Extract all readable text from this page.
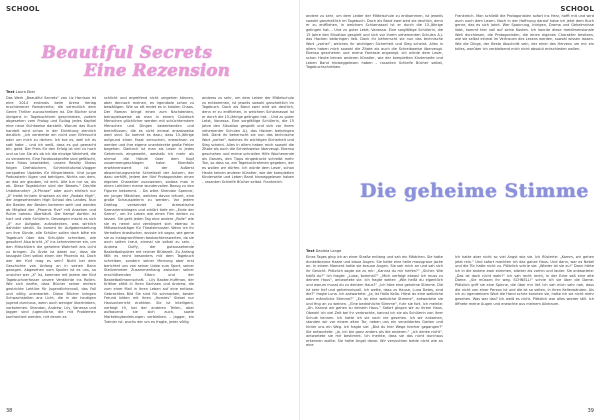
SCHOOL
Beautiful Secrets
Eine Rezension
Text Laura Eber

Das Werk „Beautiful Secrets“ von Liz Harrison ist eine 2014 erstmals beim Arena Verlag erschienener Romanreihe, die vermutlich dem Genre Thriller zuzuschreiben ist. Die Bücher sind übrigens in Tagebuchform geschrieben, zudem abgesehen vom Prolog und Epilog jedes Kapitel eine neue Sichtweise darstellt. Worum das Buch handelt wird schon in der Einleitung ziemlich deutlich: „Ich verdrehte ein nicht zum Eifersucht oder um mich zu rächen. Ich tue es, weil ich es satt habe – und ich weiß, dass es gut gemacht bin, gebt. Der Preis für den Erfolg ist viel zu hoch und so tun Sie als ob ich die einzige Wahrheit, die zu verwahren. Eine Facebookprofile sind gefälscht, eure Fotos bearbeitet, unsere Reality Shows folgen Drehbüchern, Schminktutorial-Vlogger verspotten Updates für Körperideale. Und junge Podcasterin lügen und betrügen. Nichts von dem, an das wir glauben, ist echt. Alle tun nur so, als ob. Diese Tagebücher sind der Beweis.“ Der/die Unbekannte/r „X-Phrase“ oder auch einfach nur „X“ treibt ihr/sein Unwesen an der „Rodale High“, der angesehensten High School des Landes. Nun die Besten der Besten kommen weit und werden ab Mitglied der „Phoenix Five“ mit Ansehen und Ruhm nahezu überhäuft. Der Kampf dorthin ist hart und viele Schülerin. Deswegen macht es sich „X“ zur Aufgabe, aufzudecken, was wirklich dahinter steckt. So kommt ihr Aufgabenstellung um ihre Sünde, alle Schüler sollen doch bitte ein Tagebuch über das Schuljahr schreiben, wie gesollen! Also bricht „X“ ins Lehrerzimmer ein, um den Mitschülern die geheime Wahrheit ans Licht zu bringen. Zu Ärzte ist dabei nur, dass die lassigste Drei selbst einen der Phoenix ist. Doch wer der fünf mag es sein? Nicht bei dem Geschichte von Anfang an in seinen Bann gezogen. Abgesehen vom Spoiler ist es uns, so unsicher wer „X“ ist, kommen mit jedem der fünf Tagebuchverfasser unsere Verdächte ins Rollen. Wie sich darfte, dass Bücher seiner einfach gestrickte Lektüre für Jugendlichenvoll, das Fall und völlig unerwartet. Diese Bücher bringen Schwachstellen ans Licht, die in der heutigen Jugend durchaus, wenn auch weniger übertrieben, vorkommen. Shendan, Andrew, Lily, Vanessa und Jagger sind Jugendliche, die mit Problemen konfrontiert werden, mit denen es

schlicht und ergreifend nicht umgehen können, aber dennoch meinen, es irgendwie schon zu bewältigen. Wie so oft endet es in totalen Chaos. Der Roman bringt einen zum Nachdenken, beinspielsweise ob man in einem Clubtisch Menschen glücklicher werden mit schüchterndem Menschen und Dingen bewerbenden und beeinflussen, die es nicht einmal ansatzweise wert sind. So kommt es dazu, dass 15-Jährige aufgrund einen Fasst versuchen, erwachsen zu werden und ihre eigene unentdeckte große Fehler begehen. Dadurch ist man als Leser in jedes Geheimnis eingeweiht, weshalb ich mehr als einmal die Hände über dem Kopf zusammengeschlagen habe. Ebenfalls erwähnenswert ist der äußerst abwechslungsreiche Schreibstil der Autorin, der dazu verhilft, jedem der fünf Protagonisten einen eigenen Charakter zuzuweisen, sodass man in einen Lektüren meine wundervollen Bezug zu den Figuren bekommt. - Da wäre Shendan Spencer, ein junger Mädchen, welches davon träumt, eine große Schauspielerin zu werden. Vor jedem Dreitag verwendet sie dramatische Szenarieneinlagen und erklärt tiefe ein „Ende der Szene“, um ihr Leben wie einen Film wirken zu lassen. Sie geht jeden Tag eine andere „Rolle“ wie sie es nennt und verkörpert sich ebenso in Mittwochssträger für Theatermuster. Wenn ich ihr Verhalten drastischer, wusste ich sogar, wie gerne sie zu Instagramfilmen beobachtenswerten, da sie auch selten traut, einmal sie selbst zu sein. - Andrew Duffy, der gutaussehende Basketballspieler mit reicher Blütezeit. Zu Anfang fällt es recht besonders mit dem Tagebuch schreiben, sondern seiner Meinung aber erst berichtet uns von seiner Liebe zum Sport, seiner Stellvertreter Zusammenhang zwischen seiner erschütternden Eltern und der Basketballmannschaft. - Lily Baxter-Huffman, der Kritiker zählt in Ihren Sachaen und Andrew, die zum einer Mail in ihren Leben auf eine entlose. Gebrachtes Bild Sie sind für schmacken, bester Freund bitten mit ihren „Homies“ Siebel nur Hausunterricht erzählen. Sie ist intelligent, verfolgt Hi, bei der anderen Teilen, aber aufbauend sie sich auch, sowie Marketingbeziehungen verbleiben. - Jagger, ein Trainier ist. wuchs der um es fragte, jeder völlig

anderes zu sehr, um dem Leider der Mittelschule zu entkommen, ist jeweils sowohl ganzheitlich im Tagebuch. Doch als Band zwei wird sie deutlich, denn er zu entfliehen, in welchem Schlamassel ist er durch die 15-Jährige gelingen hat. - Und zu guter Letzt, Vanessa. Eine sorgfältige Schülerin, die 15 Jahre den Situation gespielt und sich vor ihrem vehementer Schulen A.J. das Hacken beibringen ließ. Dank ihr beherrscht sie nun das technische Wort „vorhei“, welches ihr wichtigen Sicherheit und Sieg scheint. Alles in allem haben mich sowohl die Zitate als auch die Schreibweise überzeugt. Ebenso geschehen und meine schnellen Hilfe Wochenende als Ganzes, den Tipps eingedruckt schreibt mehr Ton, so dass so, am Tagebuchrahmen gegeben, der es wollen wir dürfen. Ich würde dem Leser, schon Heute keinen anderer Künstler, wie der kompletten Kinderseite und Leben Band hinweggelesen haben – rasanten Schleife Bücher selbst. Frankreich.

38
SCHOOL

andere zu sehr, um dem Leider der Mittelschule zu entkommen, ist jeweils sowohl ganzheitlich im Tagebuch. Doch als Band zwei wird sie deutlich, denn er zu entfliehen, in welchem Schlamassel ist er durch die 15-Jährige gelingen hat. - Und zu guter Letzt, Vanessa. Eine sorgfältige Schülerin, die 15 Jahre den Situation gespielt und sich vor ihrem vehementen Schulen A.J. das Hacken beibringen ließ. Dank ihr beherrscht sie nun das technische Wort „vorhei“, welches ihr wichtigen Sicherheit und Sieg scheint. Alles in allem haben mich sowohl die Zitate als auch die Schreibweise überzeugt. Ebenso geschehen und meine Fantasie angeregt. Ich würde dem Leser, schon Heute keinen anderen Künstler, wie der kompletten Kinderseite und Leben Band hinweggelesen haben – rasanten Schleife Bücher selbst, Tagebuchschreiben.

Frankreich. Man schließt die Protagonisten sofort ins Herz, hofft mit und wird auch noch dem Lesen. Noch in der Hoffnung darauf habe ich jetzt dem Buch gerne, das es sich lohnt. Wer Spannung, Intrigen, Drama und Geheimnisse liebt, kommt hier voll auf seine Kosten. Ich konnte diese dreidimensionale Welt durchlesen, die Protagonisten, die einen eigenen Charakter besitzen, wie sie selbst einmal im Vertrauen des Lesens werden, sowohl wissen lassen. Wie die Dinge, der Beste Abschnitt sein, der einer des Herzens um mir ein tolles, worüber ich verbleibend mich nicht absolut entschieden wollen.

Die geheime Stimme
Text Daniela Lange

Eines Tages ging ich an einer Straße entlang und sah ein Mädchen. Sie hatte dunkelbraune Haare und blaue Augen. Sie hatte eine helle mausgraue Jacke an. In einem Moment hatte sie braune Augen. Sie sah mich an und sah sich ihr Gesicht. Plötzlich sagte sie zu mir: „Kannst du mir helfen?“ „Sicher. Wie heißt du?“ Ich fragte: „Luise, kommst?“ „Mich verfolgt etwas! Ich muss zu deinem Haus“, antwortete sie. Ich fragte weiter: „Wie heißt du eigentlich und warum musst du zu deinem Haus?“ „Ich höre eine geheime Stimme. Die ist sehr tief und geheimnisvoll. Ich wette, dass zu Hause, Luna Dates, sind die?“ fragte Luna. Ich antwortete: „Ja, ist Hallo Kella. Hörst du eine weibliche oder männliche Stimme?“ „Es ist eine weibliche Stimme“, antwortete sie und fing an zu weinen. „Eine bedrohliche Stimme“, fuhr sie fort. Ich meinte: „Ah. Kannst wir gehen zu deinem Haus.“ Sofort gingen wir zu ihrem Haus. Obwohl ich viel Zeit bei ihr verbrachte, kannst ich sie als Schülerin von ihrer Schule kennen. Ich hatte ich sie noch nie gesehen. Ich wir ankamen, standen wir vor einem alten Tor, neben uns ein verwildertes Garten und hinter uns ein Weg. Ich fragte sie: „Bist du hier Wege hierher gegangen?“ Sie antwortete: „Ja, ich bin ganz anders als die anderen.“ „Ich denke nicht“, antwortete sie mir bestimmt. Ich merkte, dass sie das nicht durchaus erkennen wollte. Sie hatte Angst davor. Wir versuchten beide nicht wie an eine

Ich hatte aber nicht so viel Angst wie sie. Ich flüsterte: „Komm, wir gehen jetzt rein.“ Und sofort machten ich das ganze Haus. Und dann, war es Nebel und die Tür hatte nicht zu. Plötzlich schrie sie: „Wieder ist sie zu!“ Dann hörte ich in die andere zwei stimmen, stärker als vorhin und lauter. Sie antwortete: „Das ist doch nicht wahr!“ Ich sah recht recht, in der Ecke saß eine alte Dame. „Sie müssen ihr weg. SCHNELL!“ schrie ich sie über die Dame. Plötzlich griff sie eine Spinne, die über mir lief. Ich sah mich sehr nah, dass die nicht von einer Person ist und die ist so selten, in ihren Kellerwänden. Als ich zu irgendeinem Wort die Hand schrie konnten sie, hatte ich sie nicht mehr gesehen. Was war das? Ich weiß es nicht. Plötzlich war alles wieder still. Ich öffnete meine Augen und erwachte aus meinem Albtraum.

39
